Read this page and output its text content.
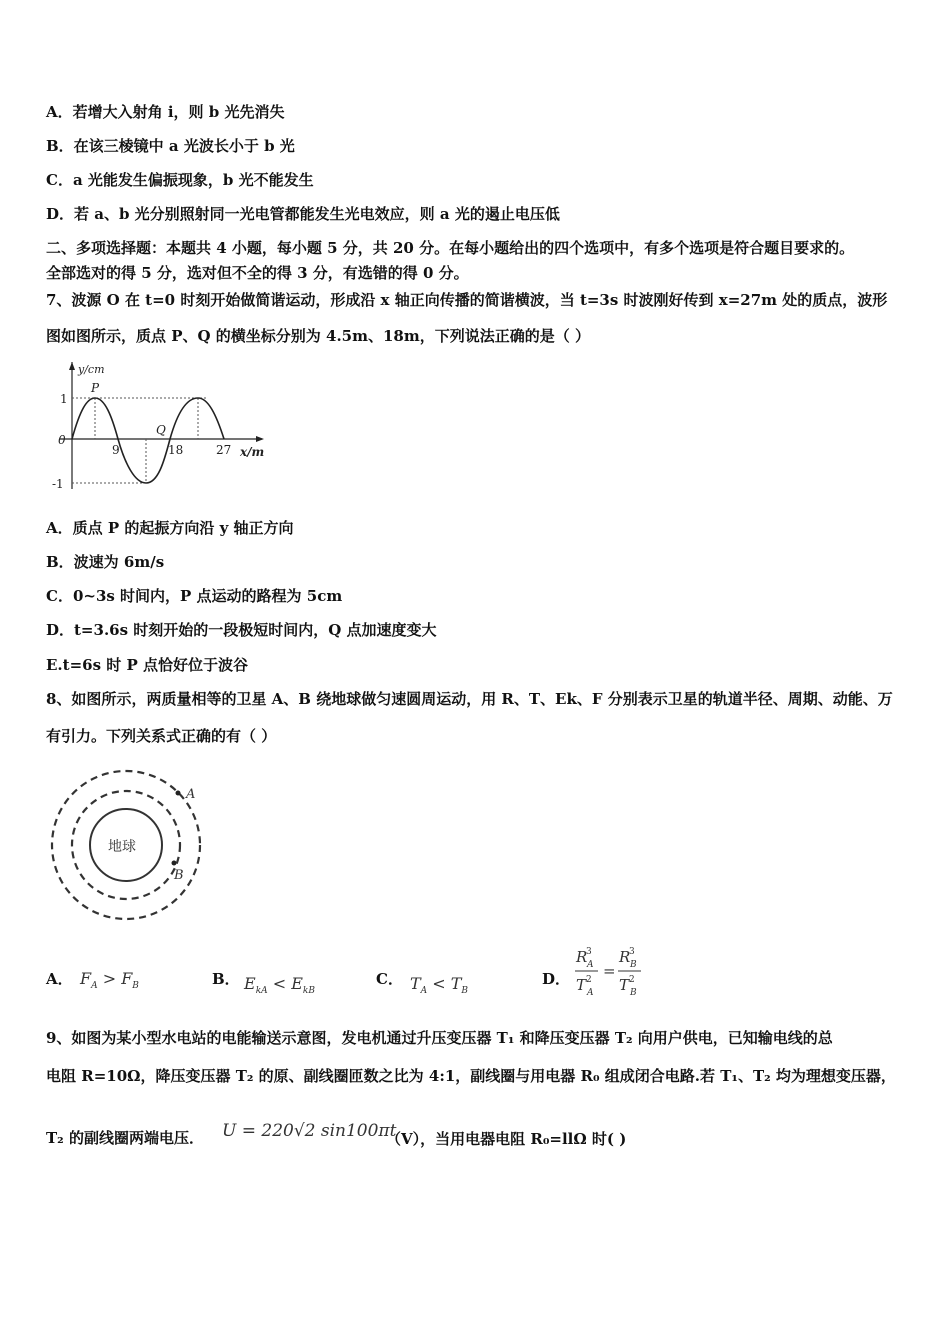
A．若增大入射角 i，则 b 光先消失
B．在该三棱镜中 a 光波长小于 b 光
C．a 光能发生偏振现象，b 光不能发生
D．若 a、b 光分别照射同一光电管都能发生光电效应，则 a 光的遏止电压低
二、多项选择题：本题共 4 小题，每小题 5 分，共 20 分。在每小题给出的四个选项中，有多个选项是符合题目要求的。
全部选对的得 5 分，选对但不全的得 3 分，有选错的得 0 分。
7、波源 O 在 t=0 时刻开始做简谐运动，形成沿 x 轴正向传播的简谐横波，当 t=3s 时波刚好传到 x=27m 处的质点，波形
图如图所示，质点 P、Q 的横坐标分别为 4.5m、18m，下列说法正确的是（ ）
y/cm
x/m
0
1
-1
9	18	27
P
Q
A．质点 P 的起振方向沿 y 轴正方向
B．波速为 6m/s
C．0~3s 时间内，P 点运动的路程为 5cm
D．t=3.6s 时刻开始的一段极短时间内，Q 点加速度变大
E.t=6s 时 P 点恰好位于波谷
8、如图所示，两质量相等的卫星 A、B 绕地球做匀速圆周运动，用 R、T、Ek、F 分别表示卫星的轨道半径、周期、动能、万
有引力。下列关系式正确的有（ ）
地球
A
B
A． $F_A > F_B$	B． $E_{kA} < E_{kB}$
C． $T_A < T_B$
D．
R
3
A
T 2
A
=
R
3
B
T 2
B
9、如图为某小型水电站的电能输送示意图，发电机通过升压变压器 T₁ 和降压变压器 T₂ 向用户供电，已知输电线的总
电阻 R=10Ω，降压变压器 T₂ 的原、副线圈匝数之比为 4:1，副线圈与用电器 R₀ 组成闭合电路.若 T₁、T₂ 均为理想变压器，
T₂ 的副线圈两端电压． U = 220√2 sin100πt
（V），当用电器电阻 R₀=llΩ 时( )
